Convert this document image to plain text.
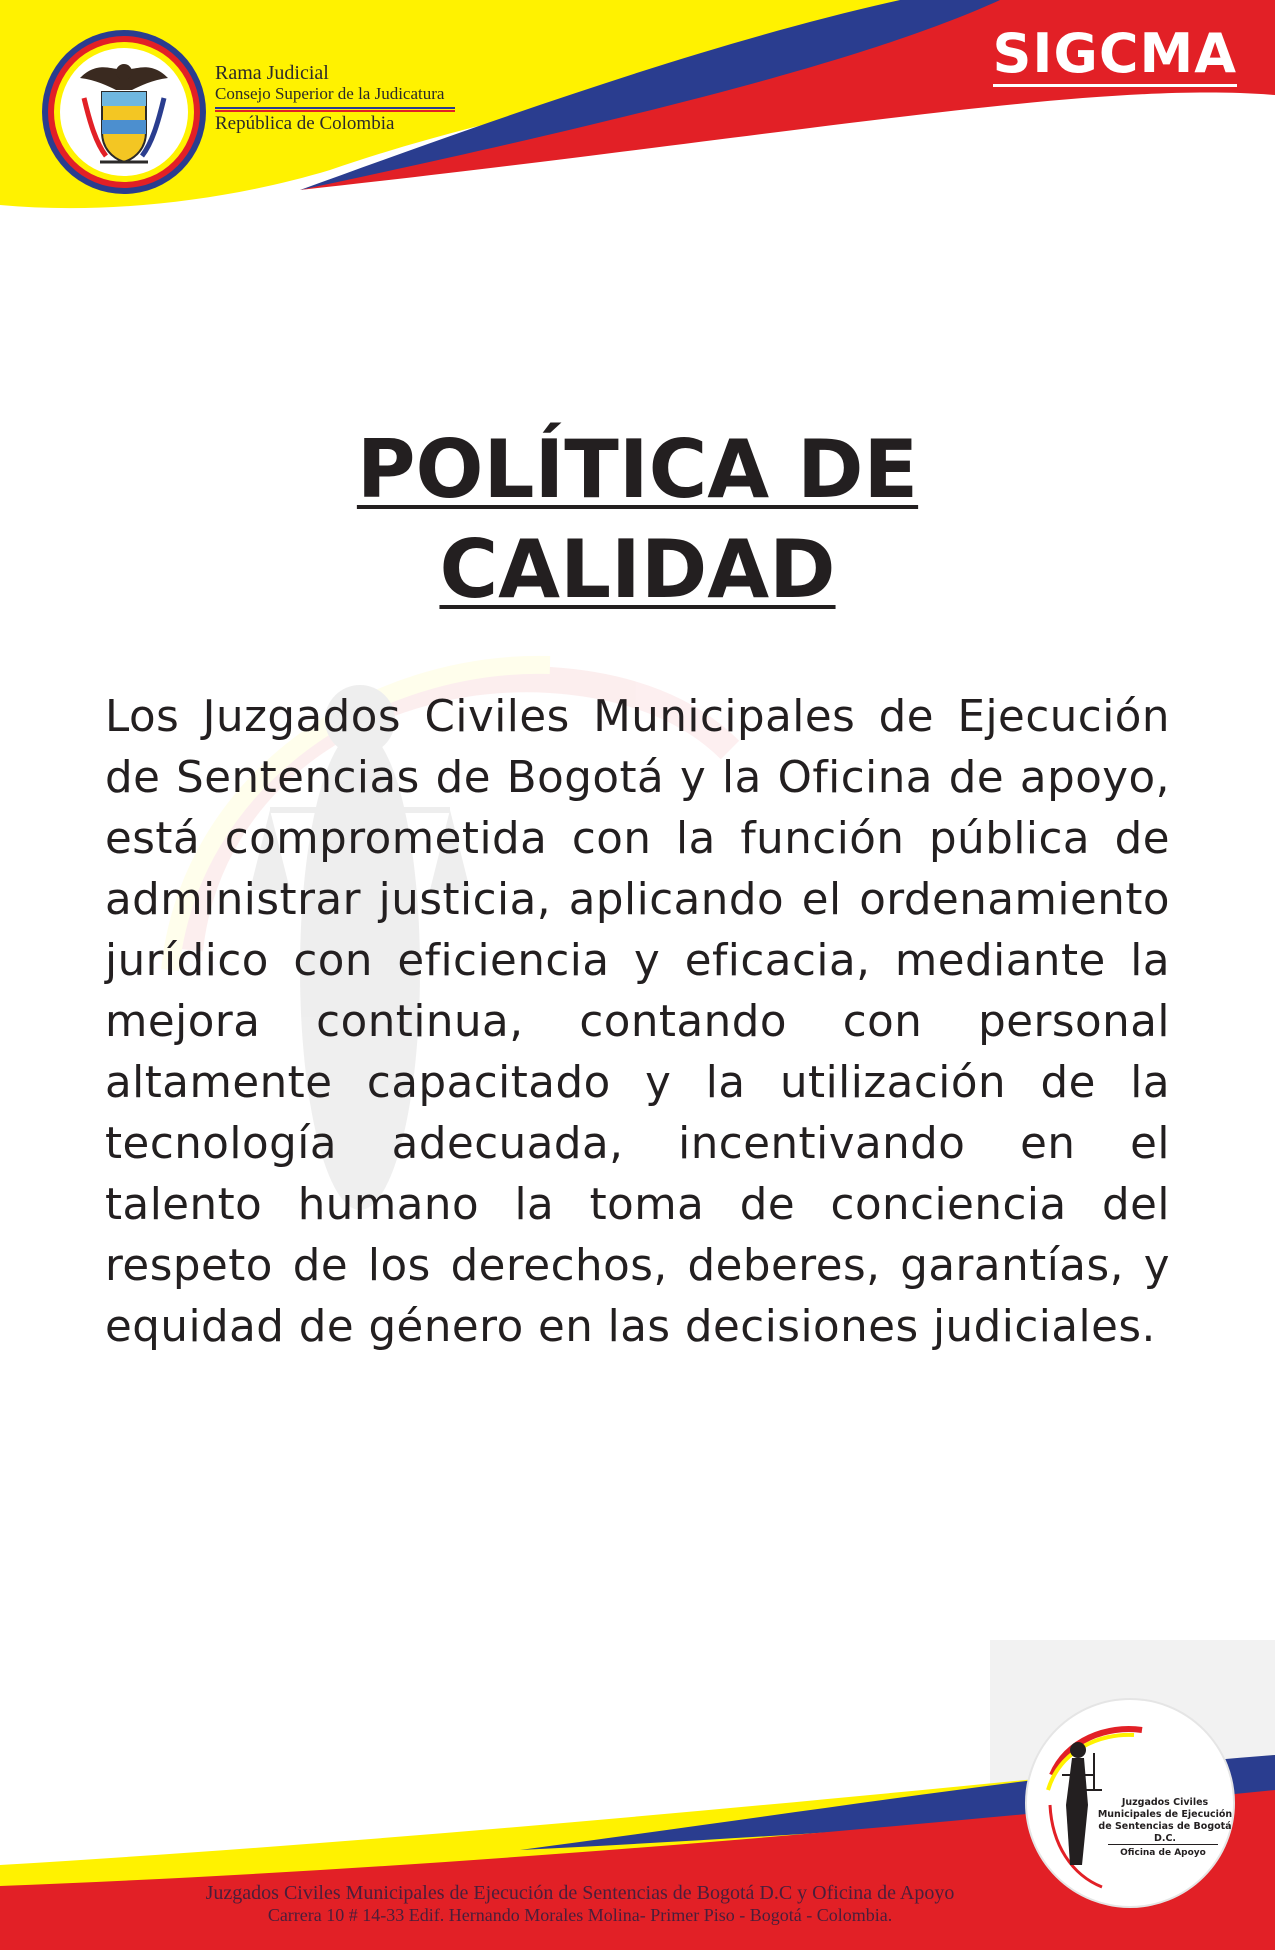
Rama Judicial
Consejo Superior de la Judicatura
República de Colombia
SIGCMA
POLÍTICA DE
CALIDAD
Los Juzgados Civiles Municipales de Ejecución de Sentencias de Bogotá y la Oficina de apoyo, está comprometida con la función pública de administrar justicia, aplicando el ordenamiento jurídico con eficiencia y eficacia, mediante la mejora continua, contando con personal altamente capacitado y la utilización de la tecnología adecuada, incentivando en el talento humano la toma de conciencia del respeto de los derechos, deberes, garantías, y equidad de género en las decisiones judiciales.
Juzgados Civiles Municipales de Ejecución de Sentencias de Bogotá D.C.
Oficina de Apoyo
Juzgados Civiles Municipales de Ejecución de Sentencias de Bogotá D.C y Oficina de Apoyo
Carrera 10 # 14-33 Edif. Hernando Morales Molina- Primer Piso - Bogotá - Colombia.
